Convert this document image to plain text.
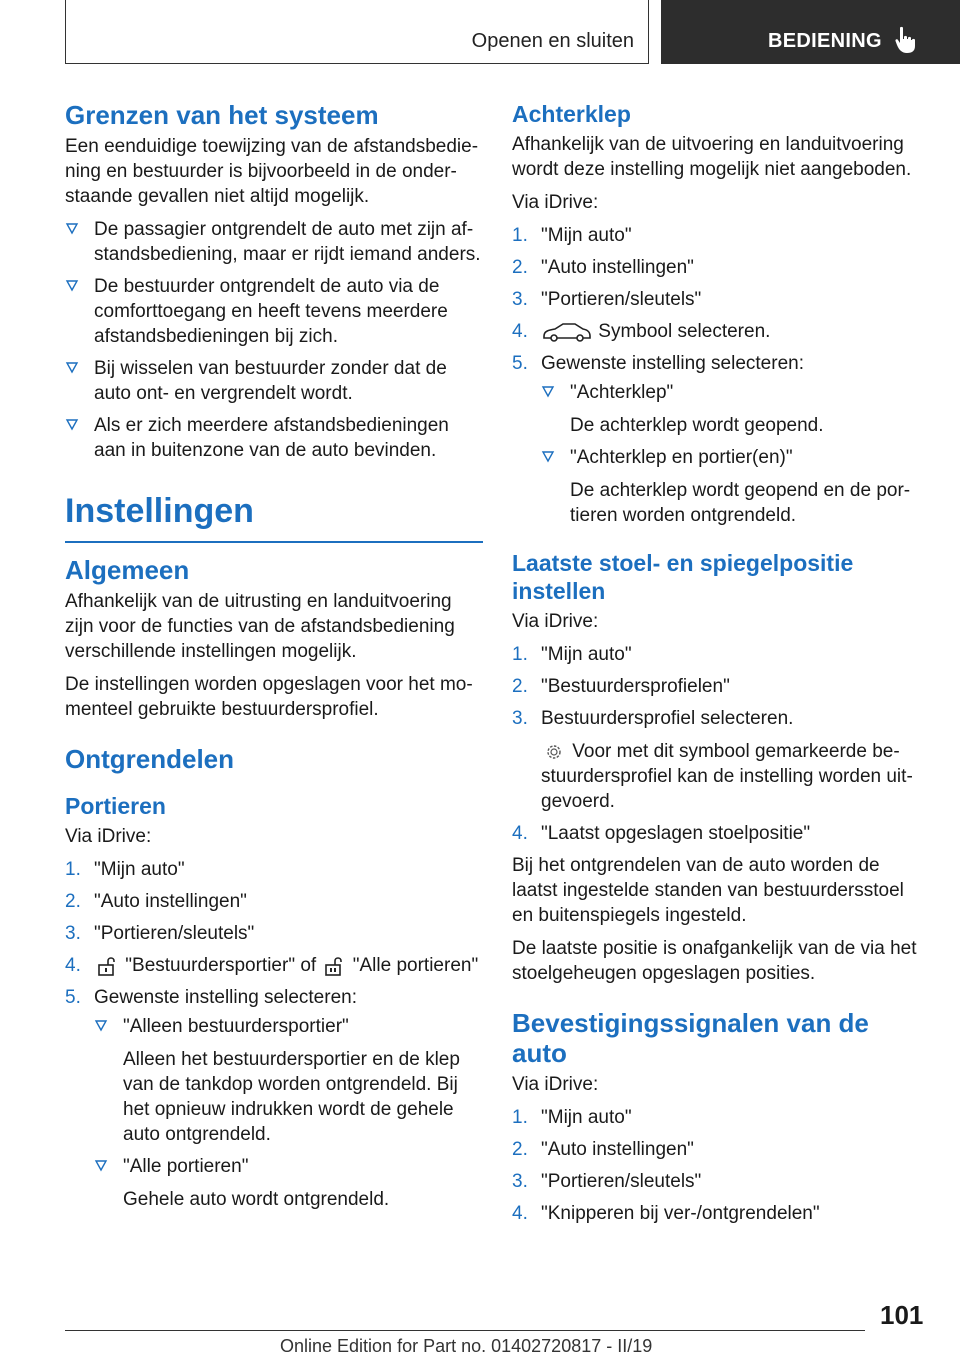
Openen en sluiten	BEDIENING
Grenzen van het systeem

Een eenduidige toewijzing van de afstandsbediening en bestuurder is bijvoorbeeld in de onderstaande gevallen niet altijd mogelijk.

De passagier ontgrendelt de auto met zijn afstandsbediening, maar er rijdt iemand anders.
De bestuurder ontgrendelt de auto via de comforttoegang en heeft tevens meerdere afstandsbedieningen bij zich.
Bij wisselen van bestuurder zonder dat de auto ont- en vergrendelt wordt.
Als er zich meerdere afstandsbedieningen aan in buitenzone van de auto bevinden.
Instellingen
Algemeen

Afhankelijk van de uitrusting en landuitvoering zijn voor de functies van de afstandsbediening verschillende instellingen mogelijk.

De instellingen worden opgeslagen voor het momenteel gebruikte bestuurdersprofiel.

Ontgrendelen
Portieren

Via iDrive:

1. "Mijn auto"
2. "Auto instellingen"
3. "Portieren/sleutels"
4. "Bestuurdersportier" of "Alle portieren"
5. Gewenste instelling selecteren:
"Alleen bestuurdersportier"
Alleen het bestuurdersportier en de klep van de tankdop worden ontgrendeld. Bij het opnieuw indrukken wordt de gehele auto ontgrendeld.
"Alle portieren"
Gehele auto wordt ontgrendeld.
Achterklep

Afhankelijk van de uitvoering en landuitvoering wordt deze instelling mogelijk niet aangeboden.

Via iDrive:

1. "Mijn auto"
2. "Auto instellingen"
3. "Portieren/sleutels"
4.	Symbool selecteren.
5. Gewenste instelling selecteren:
"Achterklep"
De achterklep wordt geopend.
"Achterklep en portier(en)"
De achterklep wordt geopend en de portieren worden ontgrendeld.
Laatste stoel- en spiegelpositie instellen

Via iDrive:

1. "Mijn auto"
2. "Bestuurdersprofielen"
3. Bestuurdersprofiel selecteren.
Voor met dit symbool gemarkeerde bestuurdersprofiel kan de instelling worden uitgevoerd.
4. "Laatst opgeslagen stoelpositie"

Bij het ontgrendelen van de auto worden de laatst ingestelde standen van bestuurdersstoel en buitenspiegels ingesteld.

De laatste positie is onafgankelijk van de via het stoelgeheugen opgeslagen posities.

Bevestigingssignalen van de auto

Via iDrive:

1. "Mijn auto"
2. "Auto instellingen"
3. "Portieren/sleutels"
4. "Knipperen bij ver-/ontgrendelen"
101
Online Edition for Part no. 01402720817 - II/19
